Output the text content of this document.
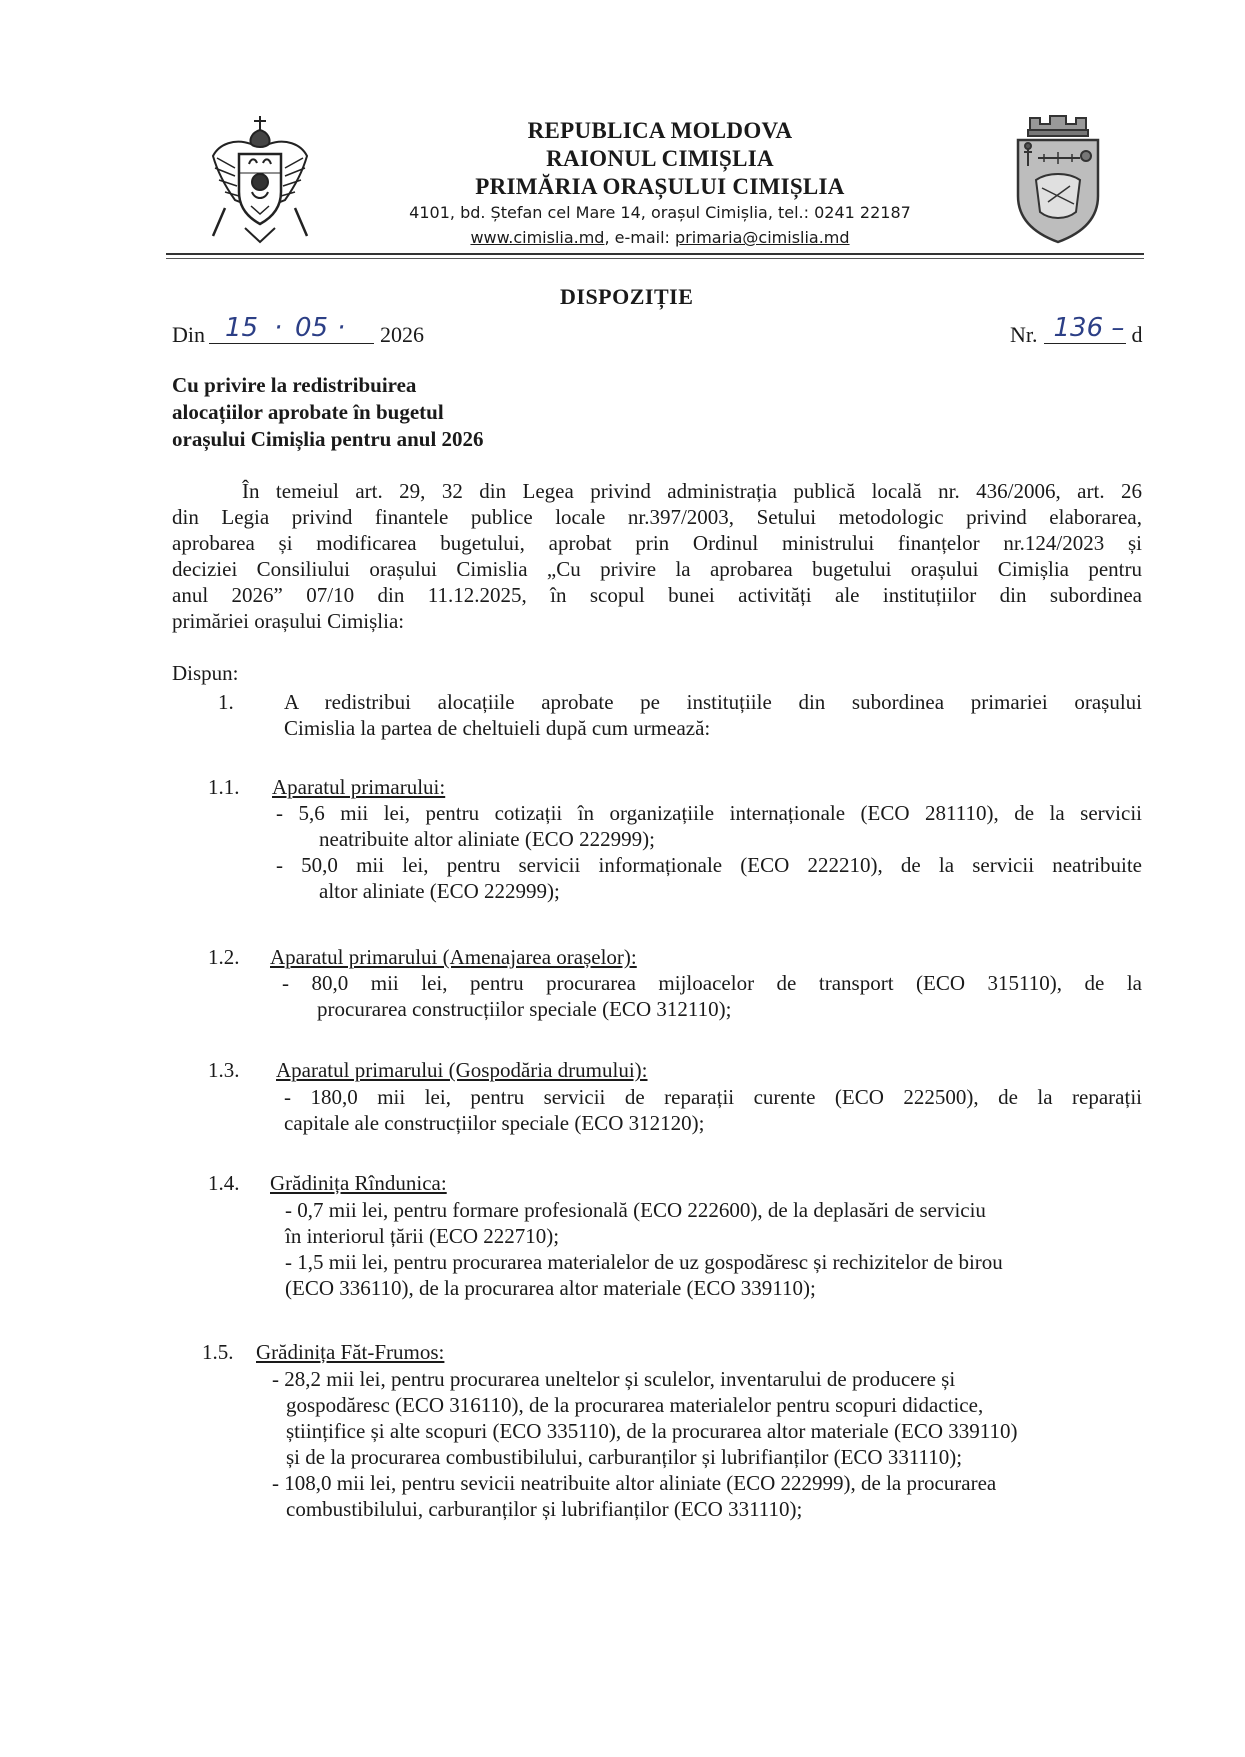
REPUBLICA MOLDOVA
RAIONUL CIMIȘLIA
PRIMĂRIA ORAȘULUI CIMIȘLIA
4101, bd. Ștefan cel Mare 14, orașul Cimișlia, tel.: 0241 22187
www.cimislia.md, e-mail: primaria@cimislia.md
DISPOZIȚIE
Din 15 · 05 · 2026	Nr. 136 – d
Cu privire la redistribuirea
alocațiilor aprobate în bugetul
orașului Cimișlia pentru anul 2026
În temeiul art. 29, 32 din Legea privind administrația publică locală nr. 436/2006, art. 26
din Legia privind finantele publice locale nr.397/2003, Setului metodologic privind elaborarea,
aprobarea și modificarea bugetului, aprobat prin Ordinul ministrului finanțelor nr.124/2023 și
deciziei Consiliului orașului Cimislia „Cu privire la aprobarea bugetului orașului Cimișlia pentru
anul 2026” 07/10 din 11.12.2025, în scopul bunei activități ale instituțiilor din subordinea
primăriei orașului Cimișlia:
Dispun:
1. A redistribui alocațiile aprobate pe instituțiile din subordinea primariei orașului
Cimislia la partea de cheltuieli după cum urmează:
1.1. Aparatul primarului:
- 5,6 mii lei, pentru cotizații în organizațiile internaționale (ECO 281110), de la servicii
neatribuite altor aliniate (ECO 222999);
- 50,0 mii lei, pentru servicii informaționale (ECO 222210), de la servicii neatribuite
altor aliniate (ECO 222999);
1.2. Aparatul primarului (Amenajarea orașelor):
- 80,0 mii lei, pentru procurarea mijloacelor de transport (ECO 315110), de la
procurarea construcțiilor speciale (ECO 312110);
1.3. Aparatul primarului (Gospodăria drumului):
- 180,0 mii lei, pentru servicii de reparații curente (ECO 222500), de la reparații
capitale ale construcțiilor speciale (ECO 312120);
1.4. Grădinița Rîndunica:
- 0,7 mii lei, pentru formare profesională (ECO 222600), de la deplasări de serviciu
în interiorul țării (ECO 222710);
- 1,5 mii lei, pentru procurarea materialelor de uz gospodăresc și rechizitelor de birou
(ECO 336110), de la procurarea altor materiale (ECO 339110);
1.5. Grădinița Făt-Frumos:
- 28,2 mii lei, pentru procurarea uneltelor și sculelor, inventarului de producere și
gospodăresc (ECO 316110), de la procurarea materialelor pentru scopuri didactice,
științifice și alte scopuri (ECO 335110), de la procurarea altor materiale (ECO 339110)
și de la procurarea combustibilului, carburanților și lubrifianților (ECO 331110);
- 108,0 mii lei, pentru sevicii neatribuite altor aliniate (ECO 222999), de la procurarea
combustibilului, carburanților și lubrifianților (ECO 331110);
